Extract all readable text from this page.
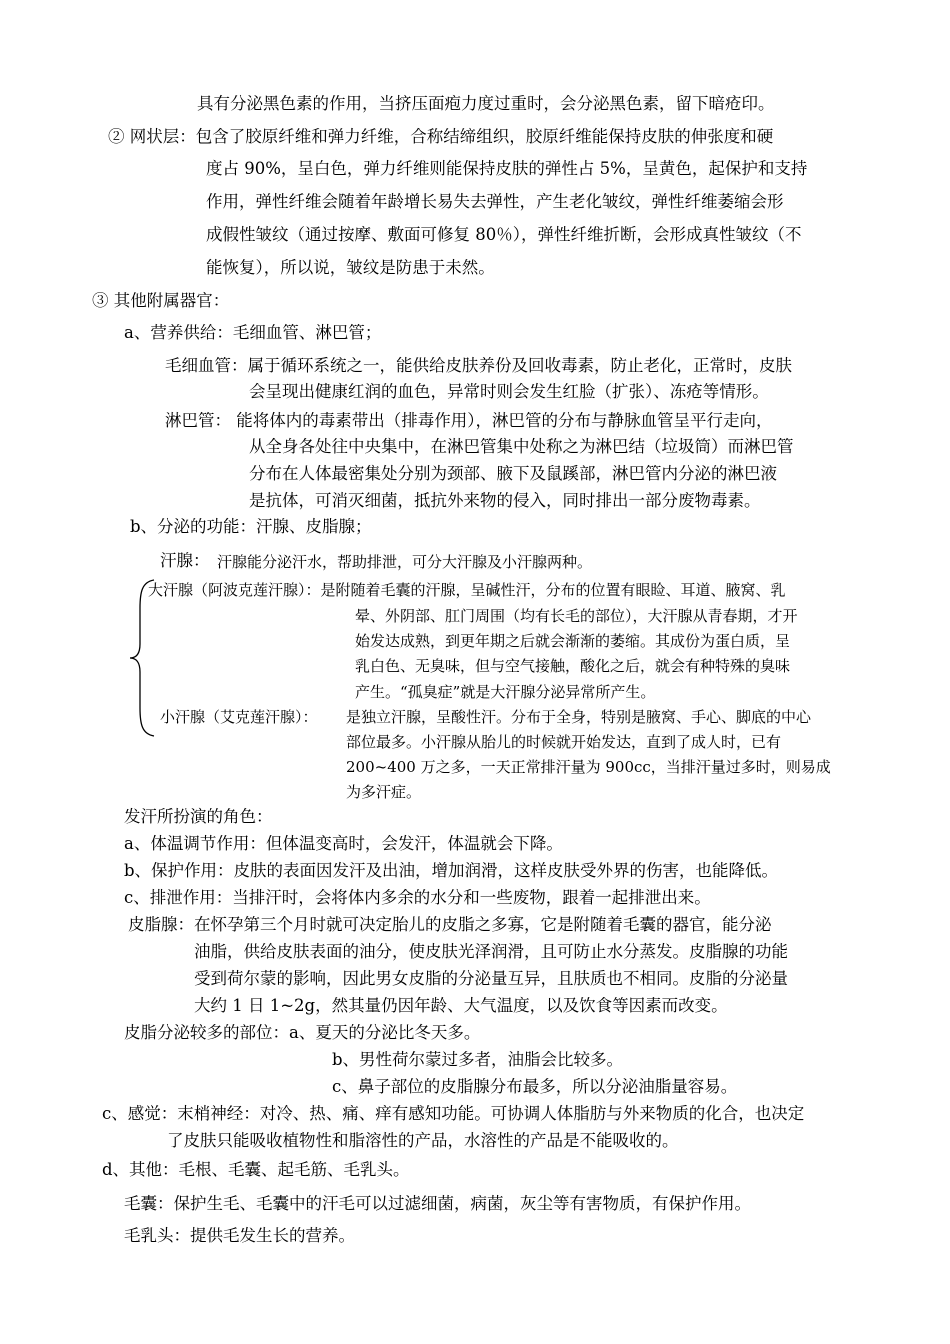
具有分泌黑色素的作用，当挤压面疱力度过重时，会分泌黑色素，留下暗疮印。
② 网状层：包含了胶原纤维和弹力纤维，合称结缔组织，胶原纤维能保持皮肤的伸张度和硬
度占 90%，呈白色，弹力纤维则能保持皮肤的弹性占 5%，呈黄色，起保护和支持
作用，弹性纤维会随着年龄增长易失去弹性，产生老化皱纹，弹性纤维萎缩会形
成假性皱纹（通过按摩、敷面可修复 80％），弹性纤维折断，会形成真性皱纹（不
能恢复），所以说，皱纹是防患于未然。
③ 其他附属器官：
a、营养供给：毛细血管、淋巴管；
毛细血管：属于循环系统之一，能供给皮肤养份及回收毒素，防止老化，正常时，皮肤
会呈现出健康红润的血色，异常时则会发生红脸（扩张）、冻疮等情形。
淋巴管： 能将体内的毒素带出（排毒作用），淋巴管的分布与静脉血管呈平行走向，
从全身各处往中央集中，在淋巴管集中处称之为淋巴结（垃圾筒）而淋巴管
分布在人体最密集处分别为颈部、腋下及鼠蹊部，淋巴管内分泌的淋巴液
是抗体，可消灭细菌，抵抗外来物的侵入，同时排出一部分废物毒素。
b、分泌的功能：汗腺、皮脂腺；
汗腺： 汗腺能分泌汗水，帮助排泄，可分大汗腺及小汗腺两种。
大汗腺（阿波克莲汗腺）：是附随着毛囊的汗腺，呈碱性汗，分布的位置有眼睑、耳道、腋窝、乳
晕、外阴部、肛门周围（均有长毛的部位），大汗腺从青春期，才开
始发达成熟，到更年期之后就会渐渐的萎缩。其成份为蛋白质，呈
乳白色、无臭味，但与空气接触，酸化之后，就会有种特殊的臭味
产生。“孤臭症”就是大汗腺分泌异常所产生。
小汗腺（艾克莲汗腺）： 是独立汗腺，呈酸性汗。分布于全身，特别是腋窝、手心、脚底的中心
部位最多。小汗腺从胎儿的时候就开始发达，直到了成人时，已有
200~400 万之多，一天正常排汗量为 900cc，当排汗量过多时，则易成
为多汗症。
发汗所扮演的角色：
a、体温调节作用：但体温变高时，会发汗，体温就会下降。
b、保护作用：皮肤的表面因发汗及出油，增加润滑，这样皮肤受外界的伤害，也能降低。
c、排泄作用：当排汗时，会将体内多余的水分和一些废物，跟着一起排泄出来。
皮脂腺：在怀孕第三个月时就可决定胎儿的皮脂之多寡，它是附随着毛囊的器官，能分泌
油脂，供给皮肤表面的油分，使皮肤光泽润滑，且可防止水分蒸发。皮脂腺的功能
受到荷尔蒙的影响，因此男女皮脂的分泌量互异，且肤质也不相同。皮脂的分泌量
大约 1 日 1~2g，然其量仍因年龄、大气温度，以及饮食等因素而改变。
皮脂分泌较多的部位：a、夏天的分泌比冬天多。
b、男性荷尔蒙过多者，油脂会比较多。
c、鼻子部位的皮脂腺分布最多，所以分泌油脂量容易。
c、感觉：末梢神经：对冷、热、痛、痒有感知功能。可协调人体脂肪与外来物质的化合，也决定
了皮肤只能吸收植物性和脂溶性的产品，水溶性的产品是不能吸收的。
d、其他：毛根、毛囊、起毛筋、毛乳头。
毛囊：保护生毛、毛囊中的汗毛可以过滤细菌，病菌，灰尘等有害物质，有保护作用。
毛乳头：提供毛发生长的营养。
